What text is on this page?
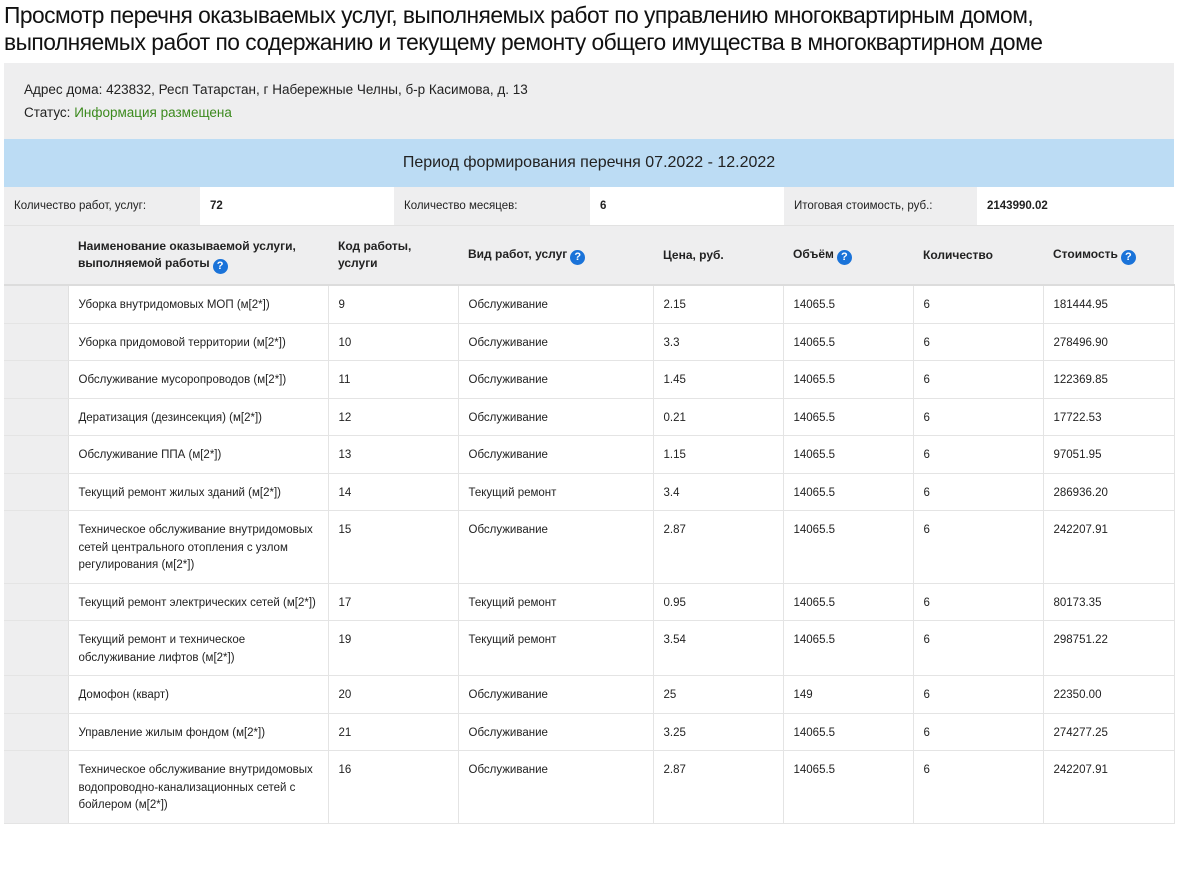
Просмотр перечня оказываемых услуг, выполняемых работ по управлению многоквартирным домом, выполняемых работ по содержанию и текущему ремонту общего имущества в многоквартирном доме
Адрес дома: 423832, Респ Татарстан, г Набережные Челны, б-р Касимова, д. 13
Статус: Информация размещена
Период формирования перечня 07.2022 - 12.2022
Количество работ, услуг:	72	Количество месяцев:	6	Итоговая стоимость, руб.:	2143990.02
	Наименование оказываемой услуги, выполняемой работы ?	Код работы, услуги	Вид работ, услуг ?	Цена, руб.	Объём ?	Количество	Стоимость ?
	Уборка внутридомовых МОП (м[2*])	9	Обслуживание	2.15	14065.5	6	181444.95
	Уборка придомовой территории (м[2*])	10	Обслуживание	3.3	14065.5	6	278496.90
	Обслуживание мусоропроводов (м[2*])	11	Обслуживание	1.45	14065.5	6	122369.85
	Дератизация (дезинсекция) (м[2*])	12	Обслуживание	0.21	14065.5	6	17722.53
	Обслуживание ППА (м[2*])	13	Обслуживание	1.15	14065.5	6	97051.95
	Текущий ремонт жилых зданий (м[2*])	14	Текущий ремонт	3.4	14065.5	6	286936.20
	Техническое обслуживание внутридомовых сетей центрального отопления с узлом регулирования (м[2*])	15	Обслуживание	2.87	14065.5	6	242207.91
	Текущий ремонт электрических сетей (м[2*])	17	Текущий ремонт	0.95	14065.5	6	80173.35
	Текущий ремонт и техническое обслуживание лифтов (м[2*])	19	Текущий ремонт	3.54	14065.5	6	298751.22
	Домофон (кварт)	20	Обслуживание	25	149	6	22350.00
	Управление жилым фондом (м[2*])	21	Обслуживание	3.25	14065.5	6	274277.25
	Техническое обслуживание внутридомовых водопроводно-канализационных сетей с бойлером (м[2*])	16	Обслуживание	2.87	14065.5	6	242207.91
